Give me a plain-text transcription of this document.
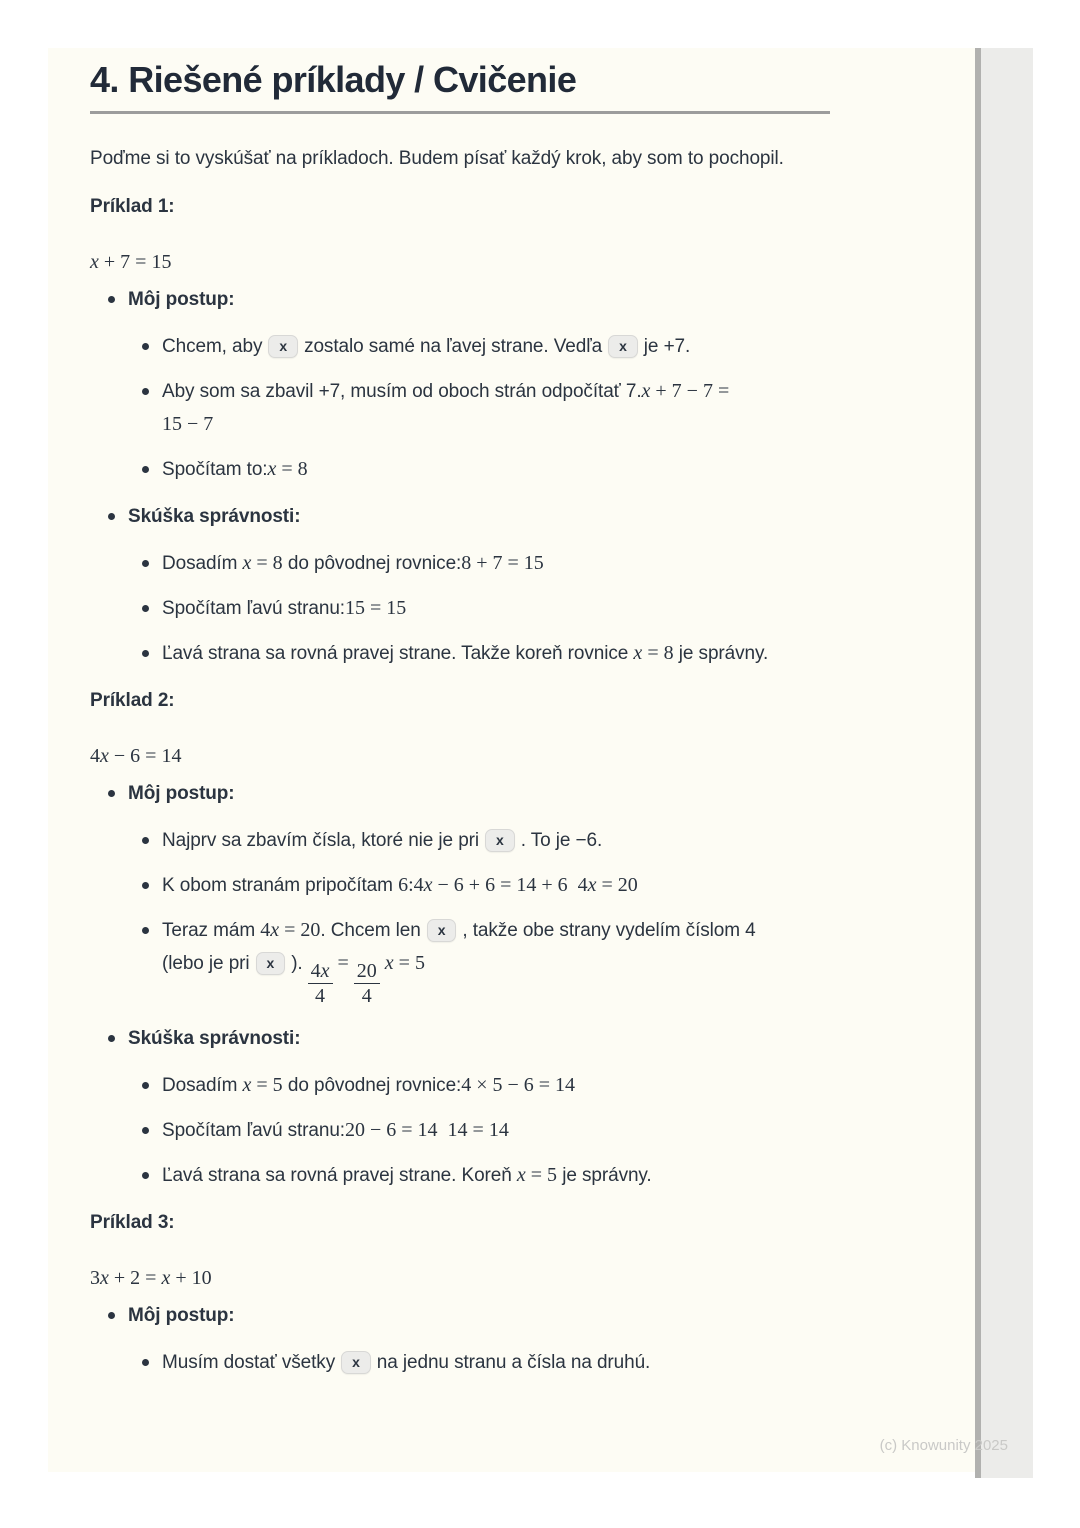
4. Riešené príklady / Cvičenie

Poďme si to vyskúšať na príkladoch. Budem písať každý krok, aby som to pochopil.

Príklad 1:

x + 7 = 15

Môj postup:
Chcem, aby x zostalo samé na ľavej strane. Vedľa x je +7.
Aby som sa zbavil +7, musím od oboch strán odpočítať 7.x + 7 − 7 =
15 − 7
Spočítam to:x = 8
Skúška správnosti:
Dosadím x = 8 do pôvodnej rovnice:8 + 7 = 15
Spočítam ľavú stranu:15 = 15
Ľavá strana sa rovná pravej strane. Takže koreň rovnice x = 8 je správny.

Príklad 2:

4x − 6 = 14

Môj postup:
Najprv sa zbavím čísla, ktoré nie je pri x . To je −6.
K obom stranám pripočítam 6:4x − 6 + 6 = 14 + 6 4x = 20
Teraz mám 4x = 20. Chcem len x , takže obe strany vydelím číslom 4
(lebo je pri x ). $\frac{4x}{4} = \frac{20}{4}$ x = 5
Skúška správnosti:
Dosadím x = 5 do pôvodnej rovnice:4 × 5 − 6 = 14
Spočítam ľavú stranu:20 − 6 = 14 14 = 14
Ľavá strana sa rovná pravej strane. Koreň x = 5 je správny.

Príklad 3:

3x + 2 = x + 10

Môj postup:
Musím dostať všetky x na jednu stranu a čísla na druhú.
(c) Knowunity 2025
